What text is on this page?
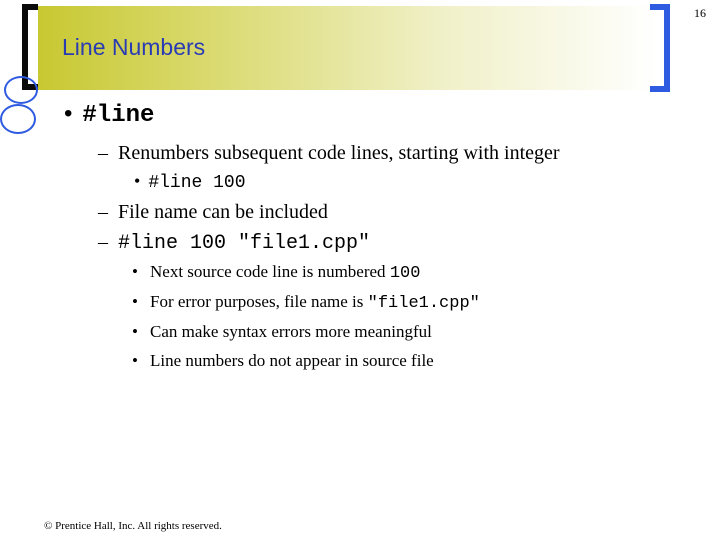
16
Line Numbers
• #line
– Renumbers subsequent code lines, starting with integer
• #line 100
– File name can be included
– #line 100 "file1.cpp"
• Next source code line is numbered 100
• For error purposes, file name is "file1.cpp"
• Can make syntax errors more meaningful
• Line numbers do not appear in source file
© Prentice Hall, Inc. All rights reserved.
